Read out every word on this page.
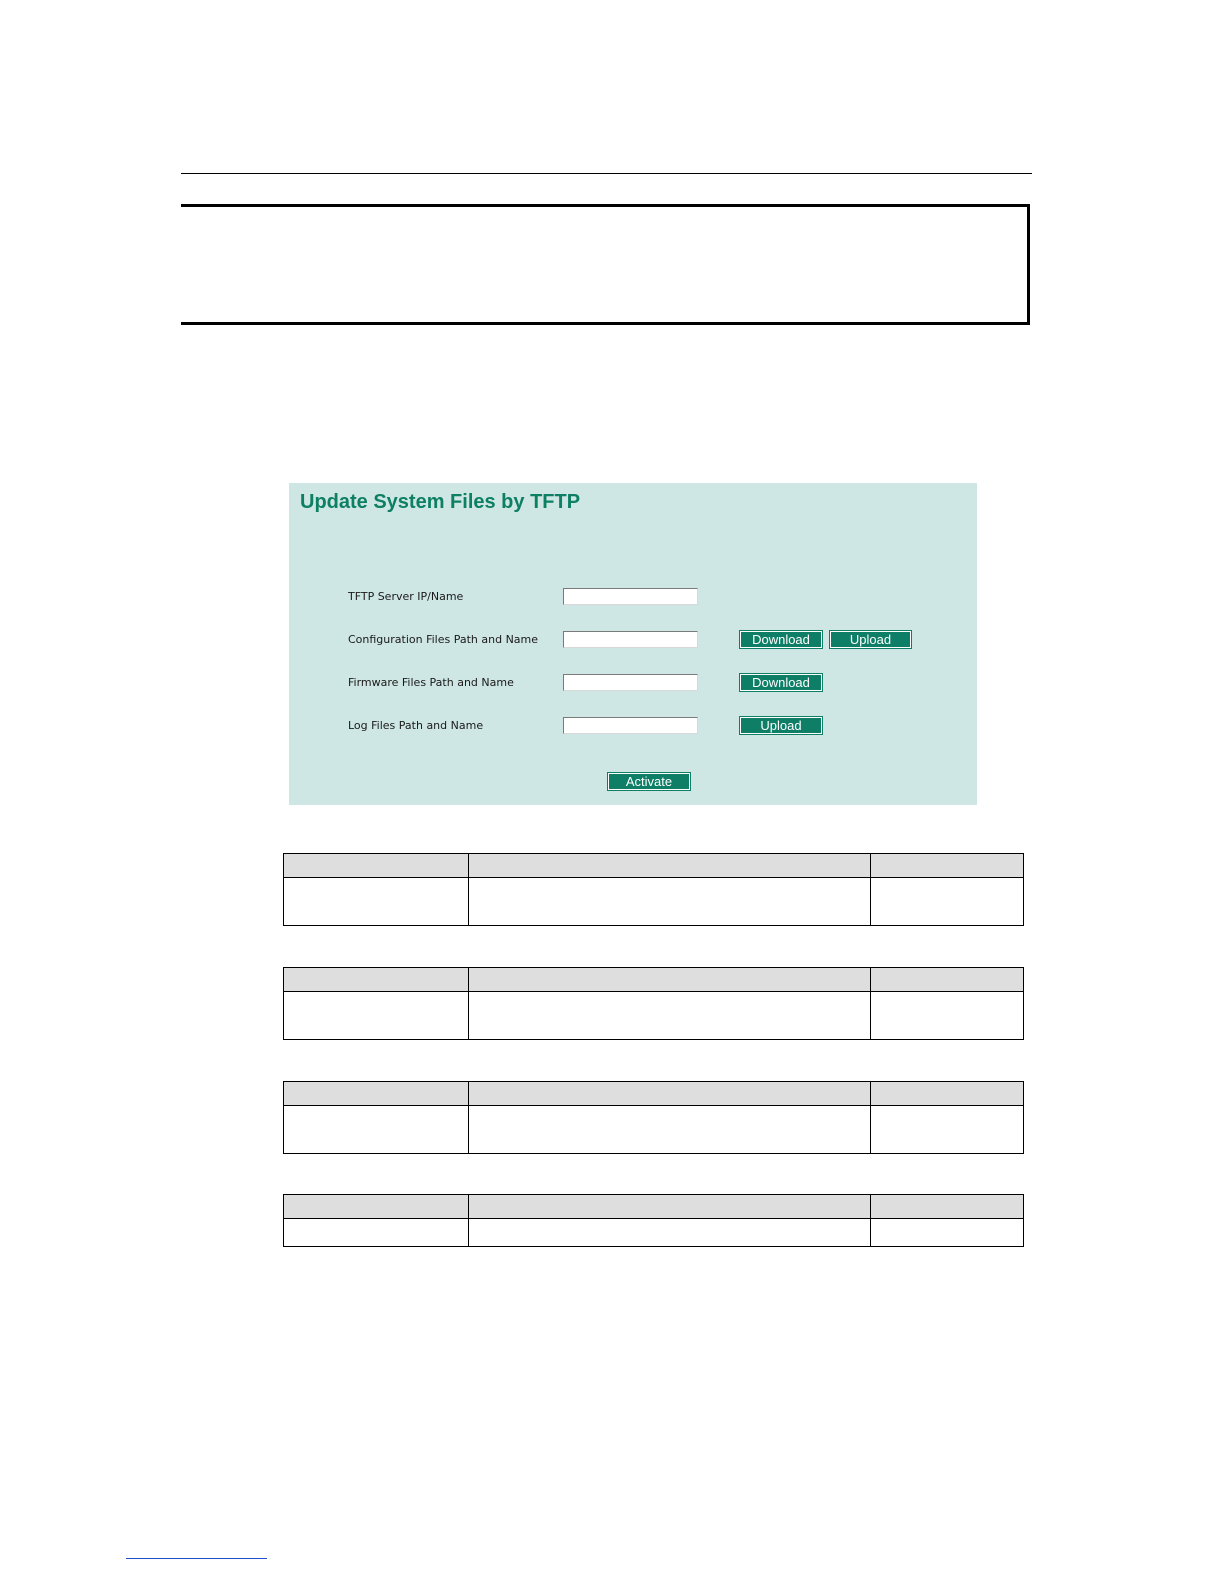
Update System Files by TFTP
TFTP Server IP/Name
Configuration Files Path and Name	Download	Upload
Firmware Files Path and Name	Download
Log Files Path and Name	Upload
Activate
